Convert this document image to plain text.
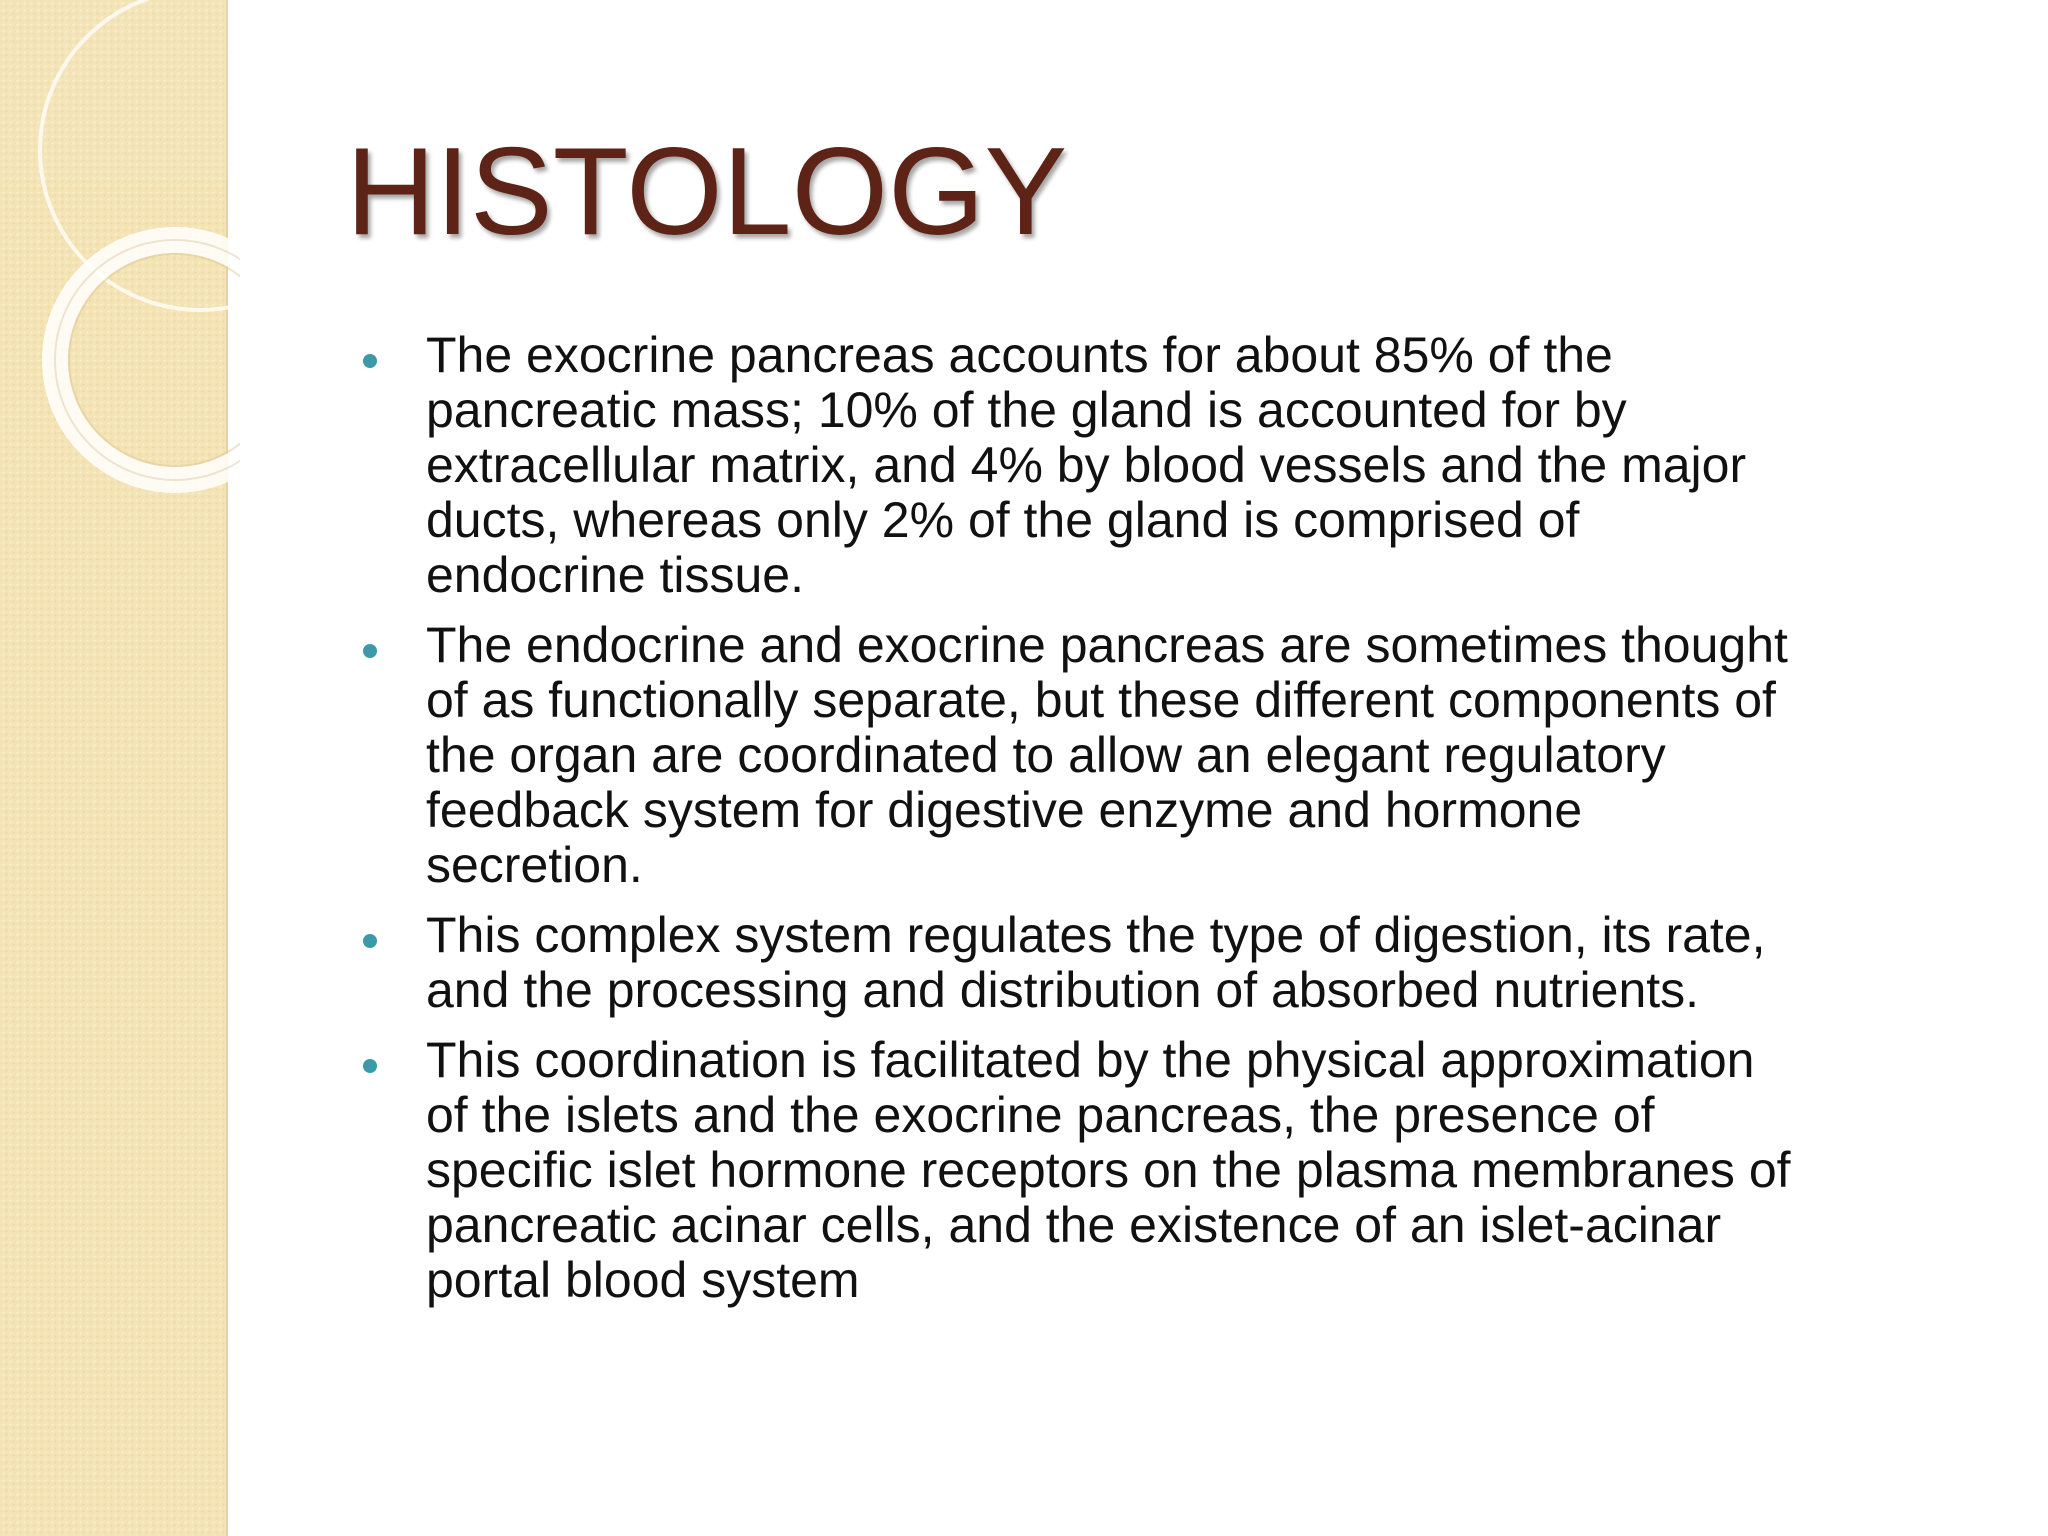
HISTOLOGY
The exocrine pancreas accounts for about 85% of the
pancreatic mass; 10% of the gland is accounted for by
extracellular matrix, and 4% by blood vessels and the major
ducts, whereas only 2% of the gland is comprised of
endocrine tissue.
The endocrine and exocrine pancreas are sometimes thought
of as functionally separate, but these different components of
the organ are coordinated to allow an elegant regulatory
feedback system for digestive enzyme and hormone
secretion.
This complex system regulates the type of digestion, its rate,
and the processing and distribution of absorbed nutrients.
This coordination is facilitated by the physical approximation
of the islets and the exocrine pancreas, the presence of
specific islet hormone receptors on the plasma membranes of
pancreatic acinar cells, and the existence of an islet-acinar
portal blood system
